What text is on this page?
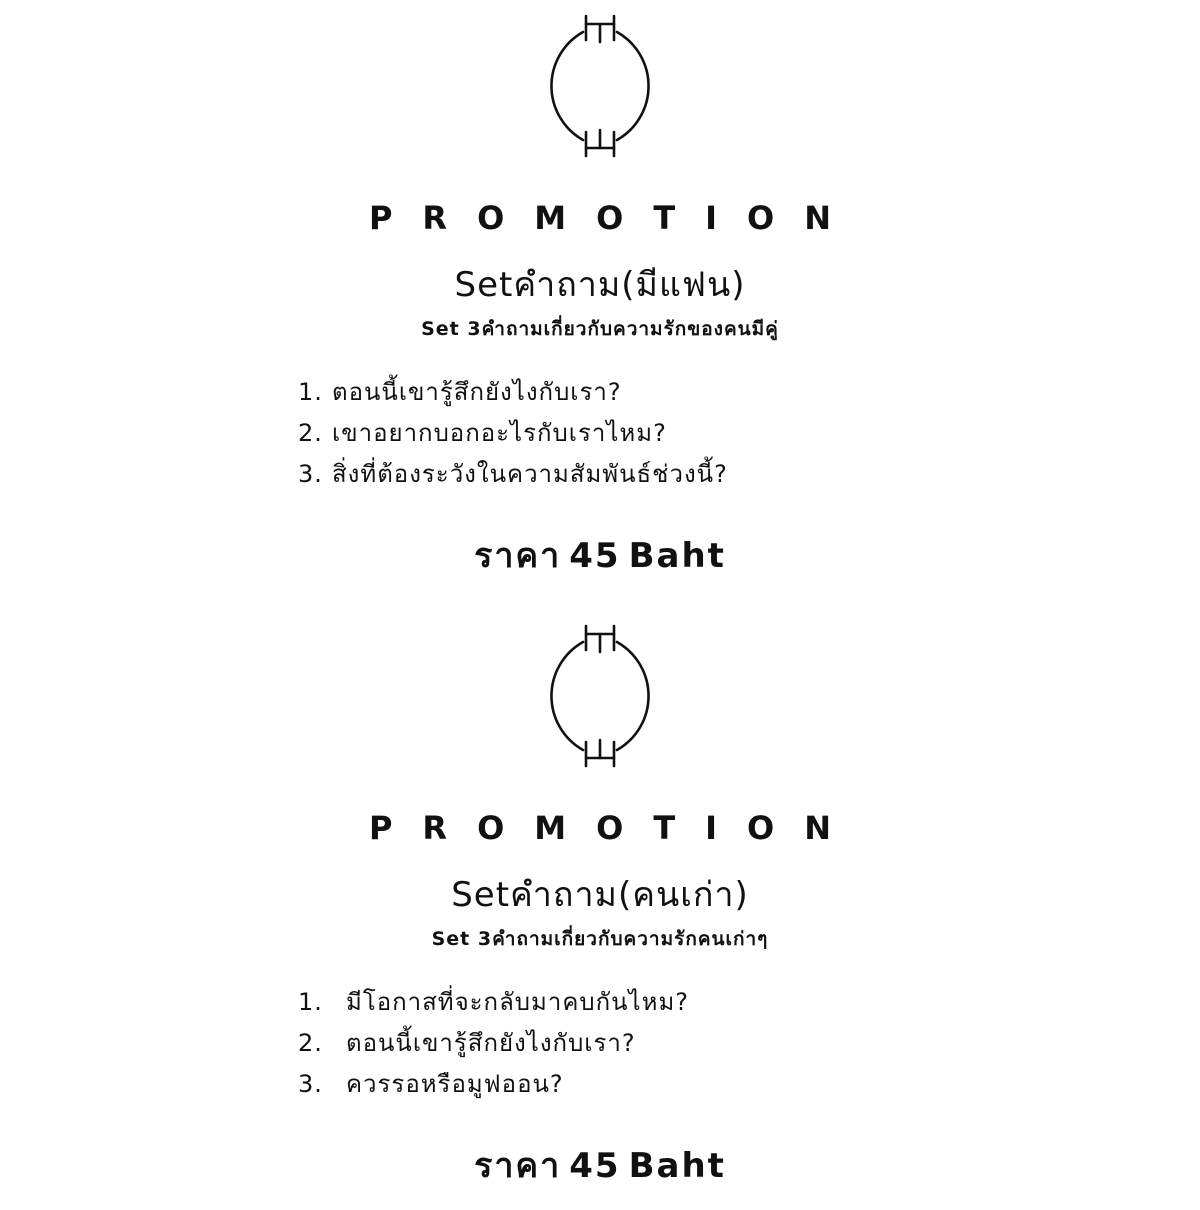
PROMOTION
Setคำถาม(มีแฟน)
Set 3คำถามเกี่ยวกับความรักของคนมีคู่
1. ตอนนี้เขารู้สึกยังไงกับเรา?
2. เขาอยากบอกอะไรกับเราไหม?
3. สิ่งที่ต้องระวังในความสัมพันธ์ช่วงนี้?
ราคา 45 Baht
PROMOTION
Setคำถาม(คนเก่า)
Set 3คำถามเกี่ยวกับความรักคนเก่าๆ
1. มีโอกาสที่จะกลับมาคบกันไหม?
2. ตอนนี้เขารู้สึกยังไงกับเรา?
3. ควรรอหรือมูฟออน?
ราคา 45 Baht
